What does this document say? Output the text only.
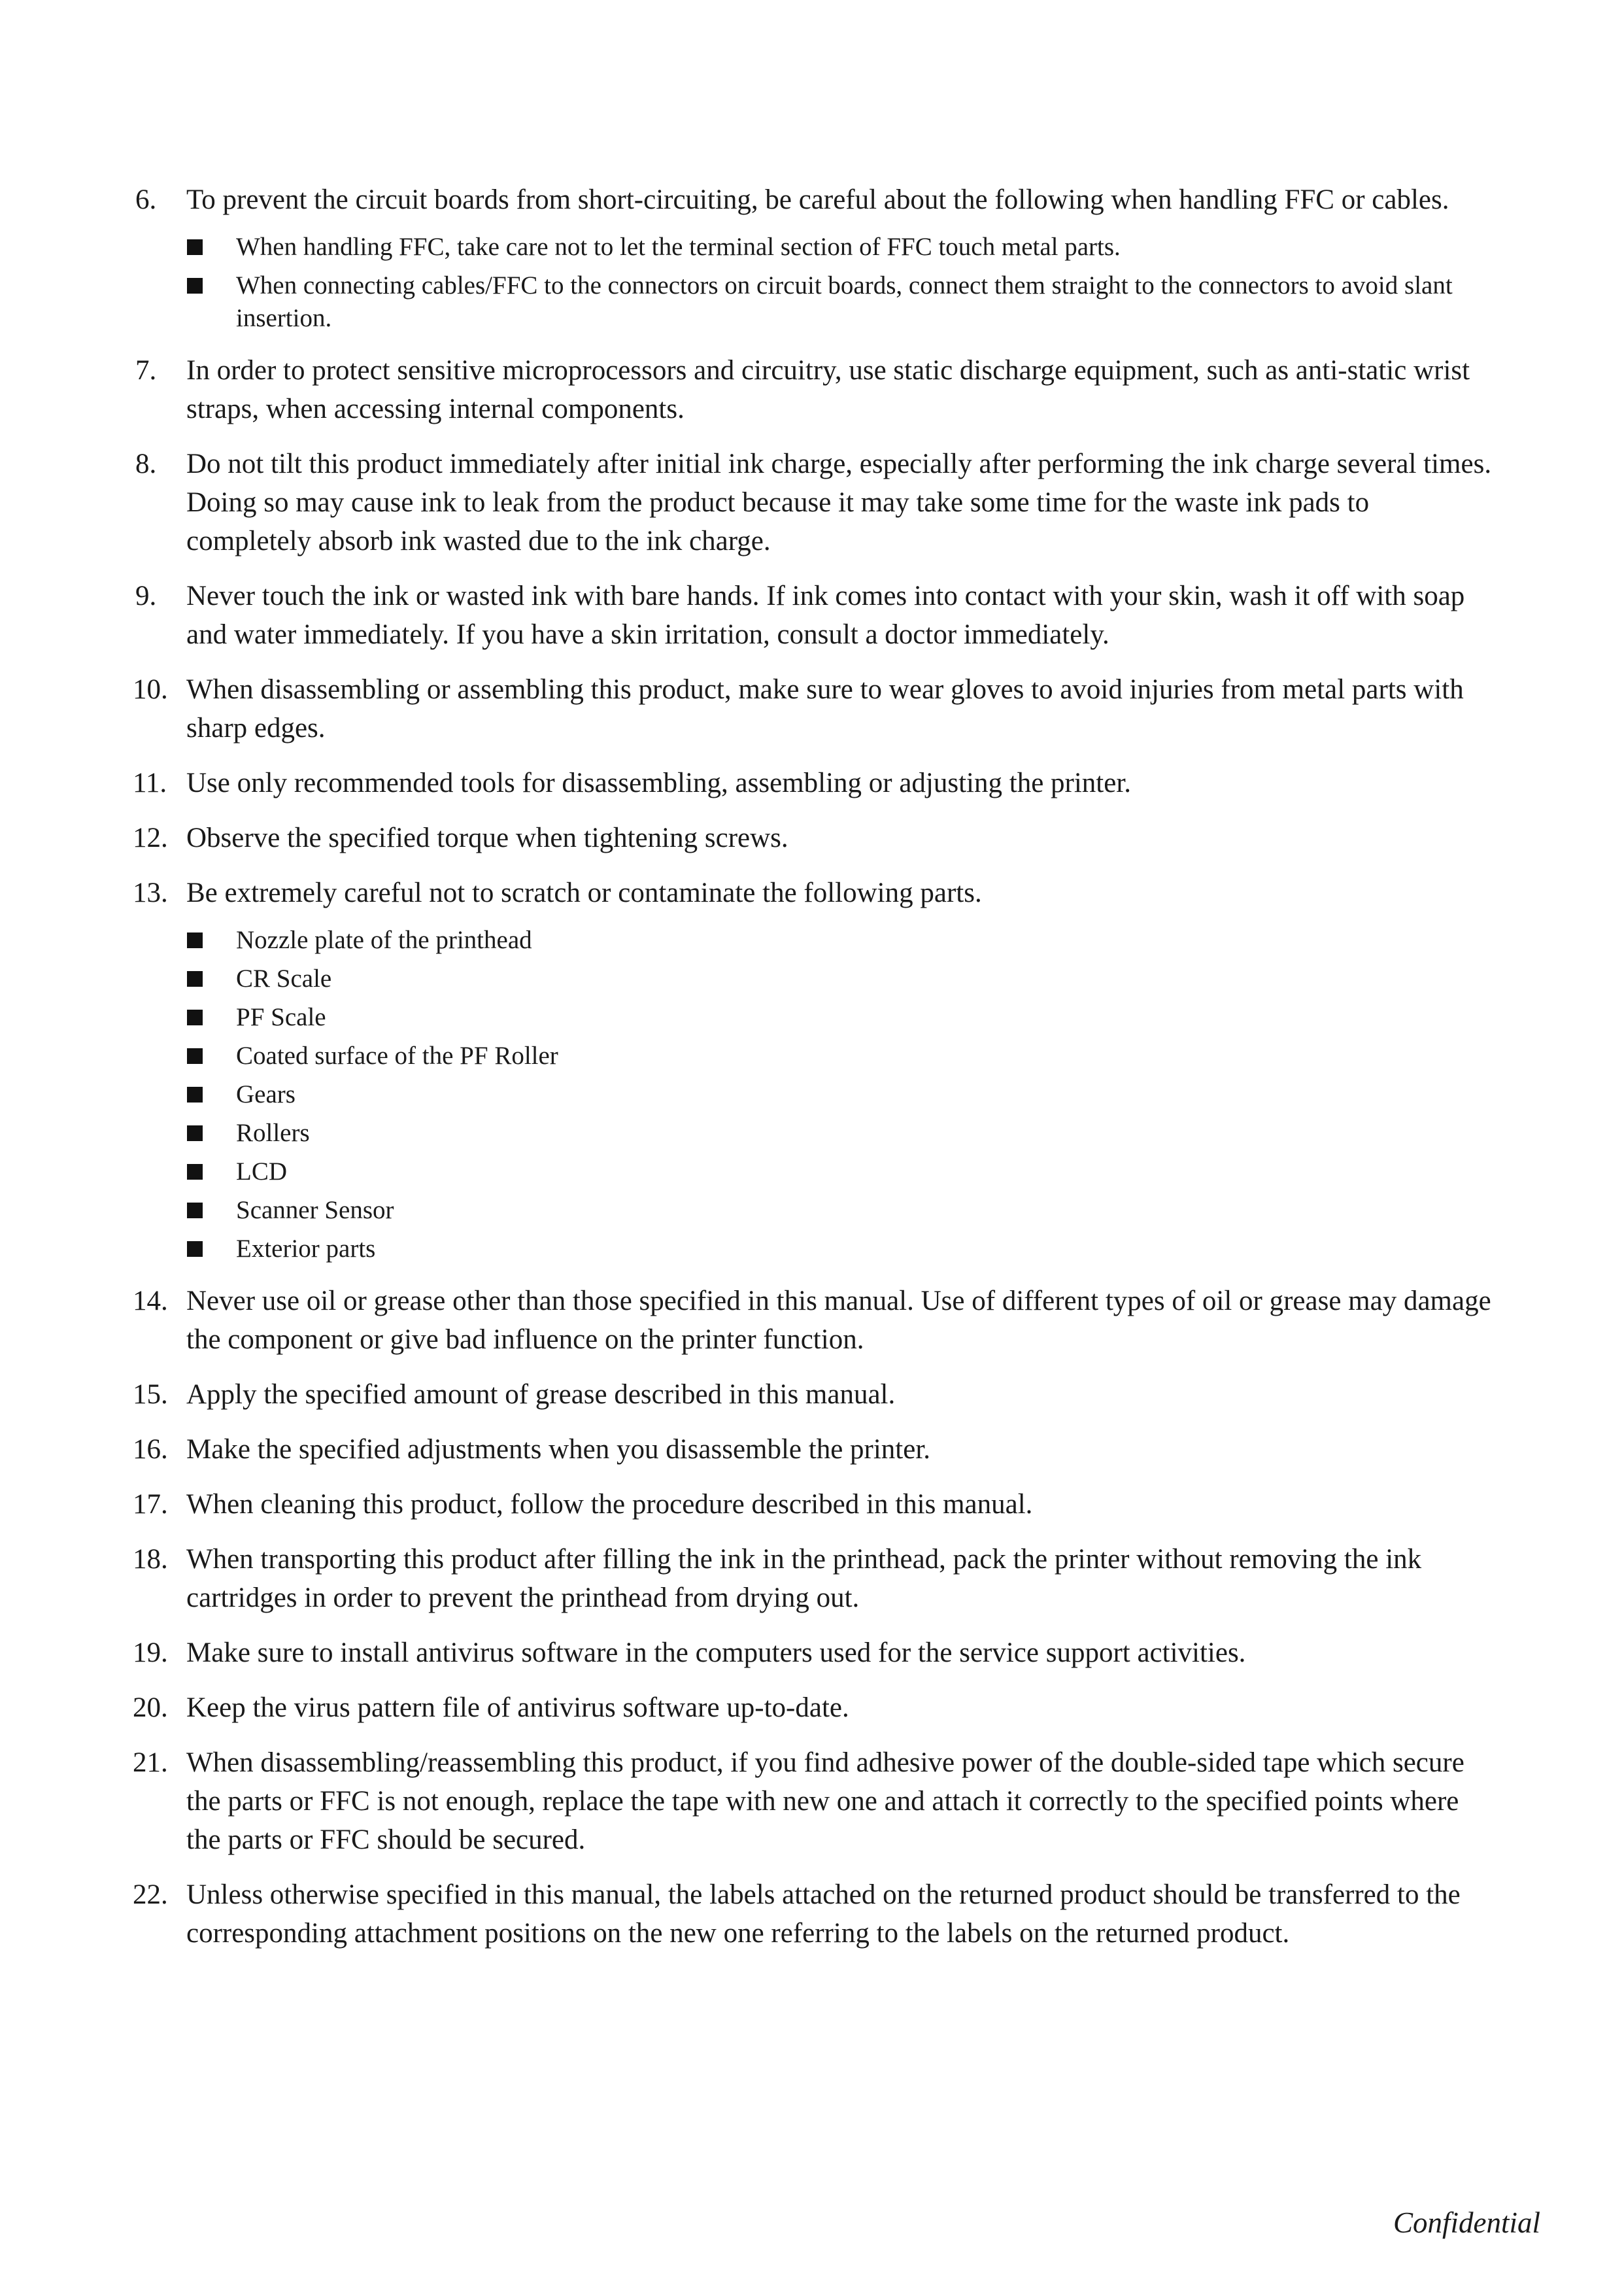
6.	To prevent the circuit boards from short-circuiting, be careful about the following when handling FFC or cables.
When handling FFC, take care not to let the terminal section of FFC touch metal parts.
When connecting cables/FFC to the connectors on circuit boards, connect them straight to the connectors to avoid slant insertion.
7.	In order to protect sensitive microprocessors and circuitry, use static discharge equipment, such as anti-static wrist straps, when accessing internal components.
8.	Do not tilt this product immediately after initial ink charge, especially after performing the ink charge several times. Doing so may cause ink to leak from the product because it may take some time for the waste ink pads to completely absorb ink wasted due to the ink charge.
9.	Never touch the ink or wasted ink with bare hands. If ink comes into contact with your skin, wash it off with soap and water immediately. If you have a skin irritation, consult a doctor immediately.
10. When disassembling or assembling this product, make sure to wear gloves to avoid injuries from metal parts with sharp edges.
11. Use only recommended tools for disassembling, assembling or adjusting the printer.
12. Observe the specified torque when tightening screws.
13. Be extremely careful not to scratch or contaminate the following parts.
Nozzle plate of the printhead
CR Scale
PF Scale
Coated surface of the PF Roller
Gears
Rollers
LCD
Scanner Sensor
Exterior parts
14. Never use oil or grease other than those specified in this manual. Use of different types of oil or grease may damage the component or give bad influence on the printer function.
15. Apply the specified amount of grease described in this manual.
16. Make the specified adjustments when you disassemble the printer.
17. When cleaning this product, follow the procedure described in this manual.
18. When transporting this product after filling the ink in the printhead, pack the printer without removing the ink cartridges in order to prevent the printhead from drying out.
19. Make sure to install antivirus software in the computers used for the service support activities.
20. Keep the virus pattern file of antivirus software up-to-date.
21. When disassembling/reassembling this product, if you find adhesive power of the double-sided tape which secure the parts or FFC is not enough, replace the tape with new one and attach it correctly to the specified points where the parts or FFC should be secured.
22. Unless otherwise specified in this manual, the labels attached on the returned product should be transferred to the corresponding attachment positions on the new one referring to the labels on the returned product.
Confidential
